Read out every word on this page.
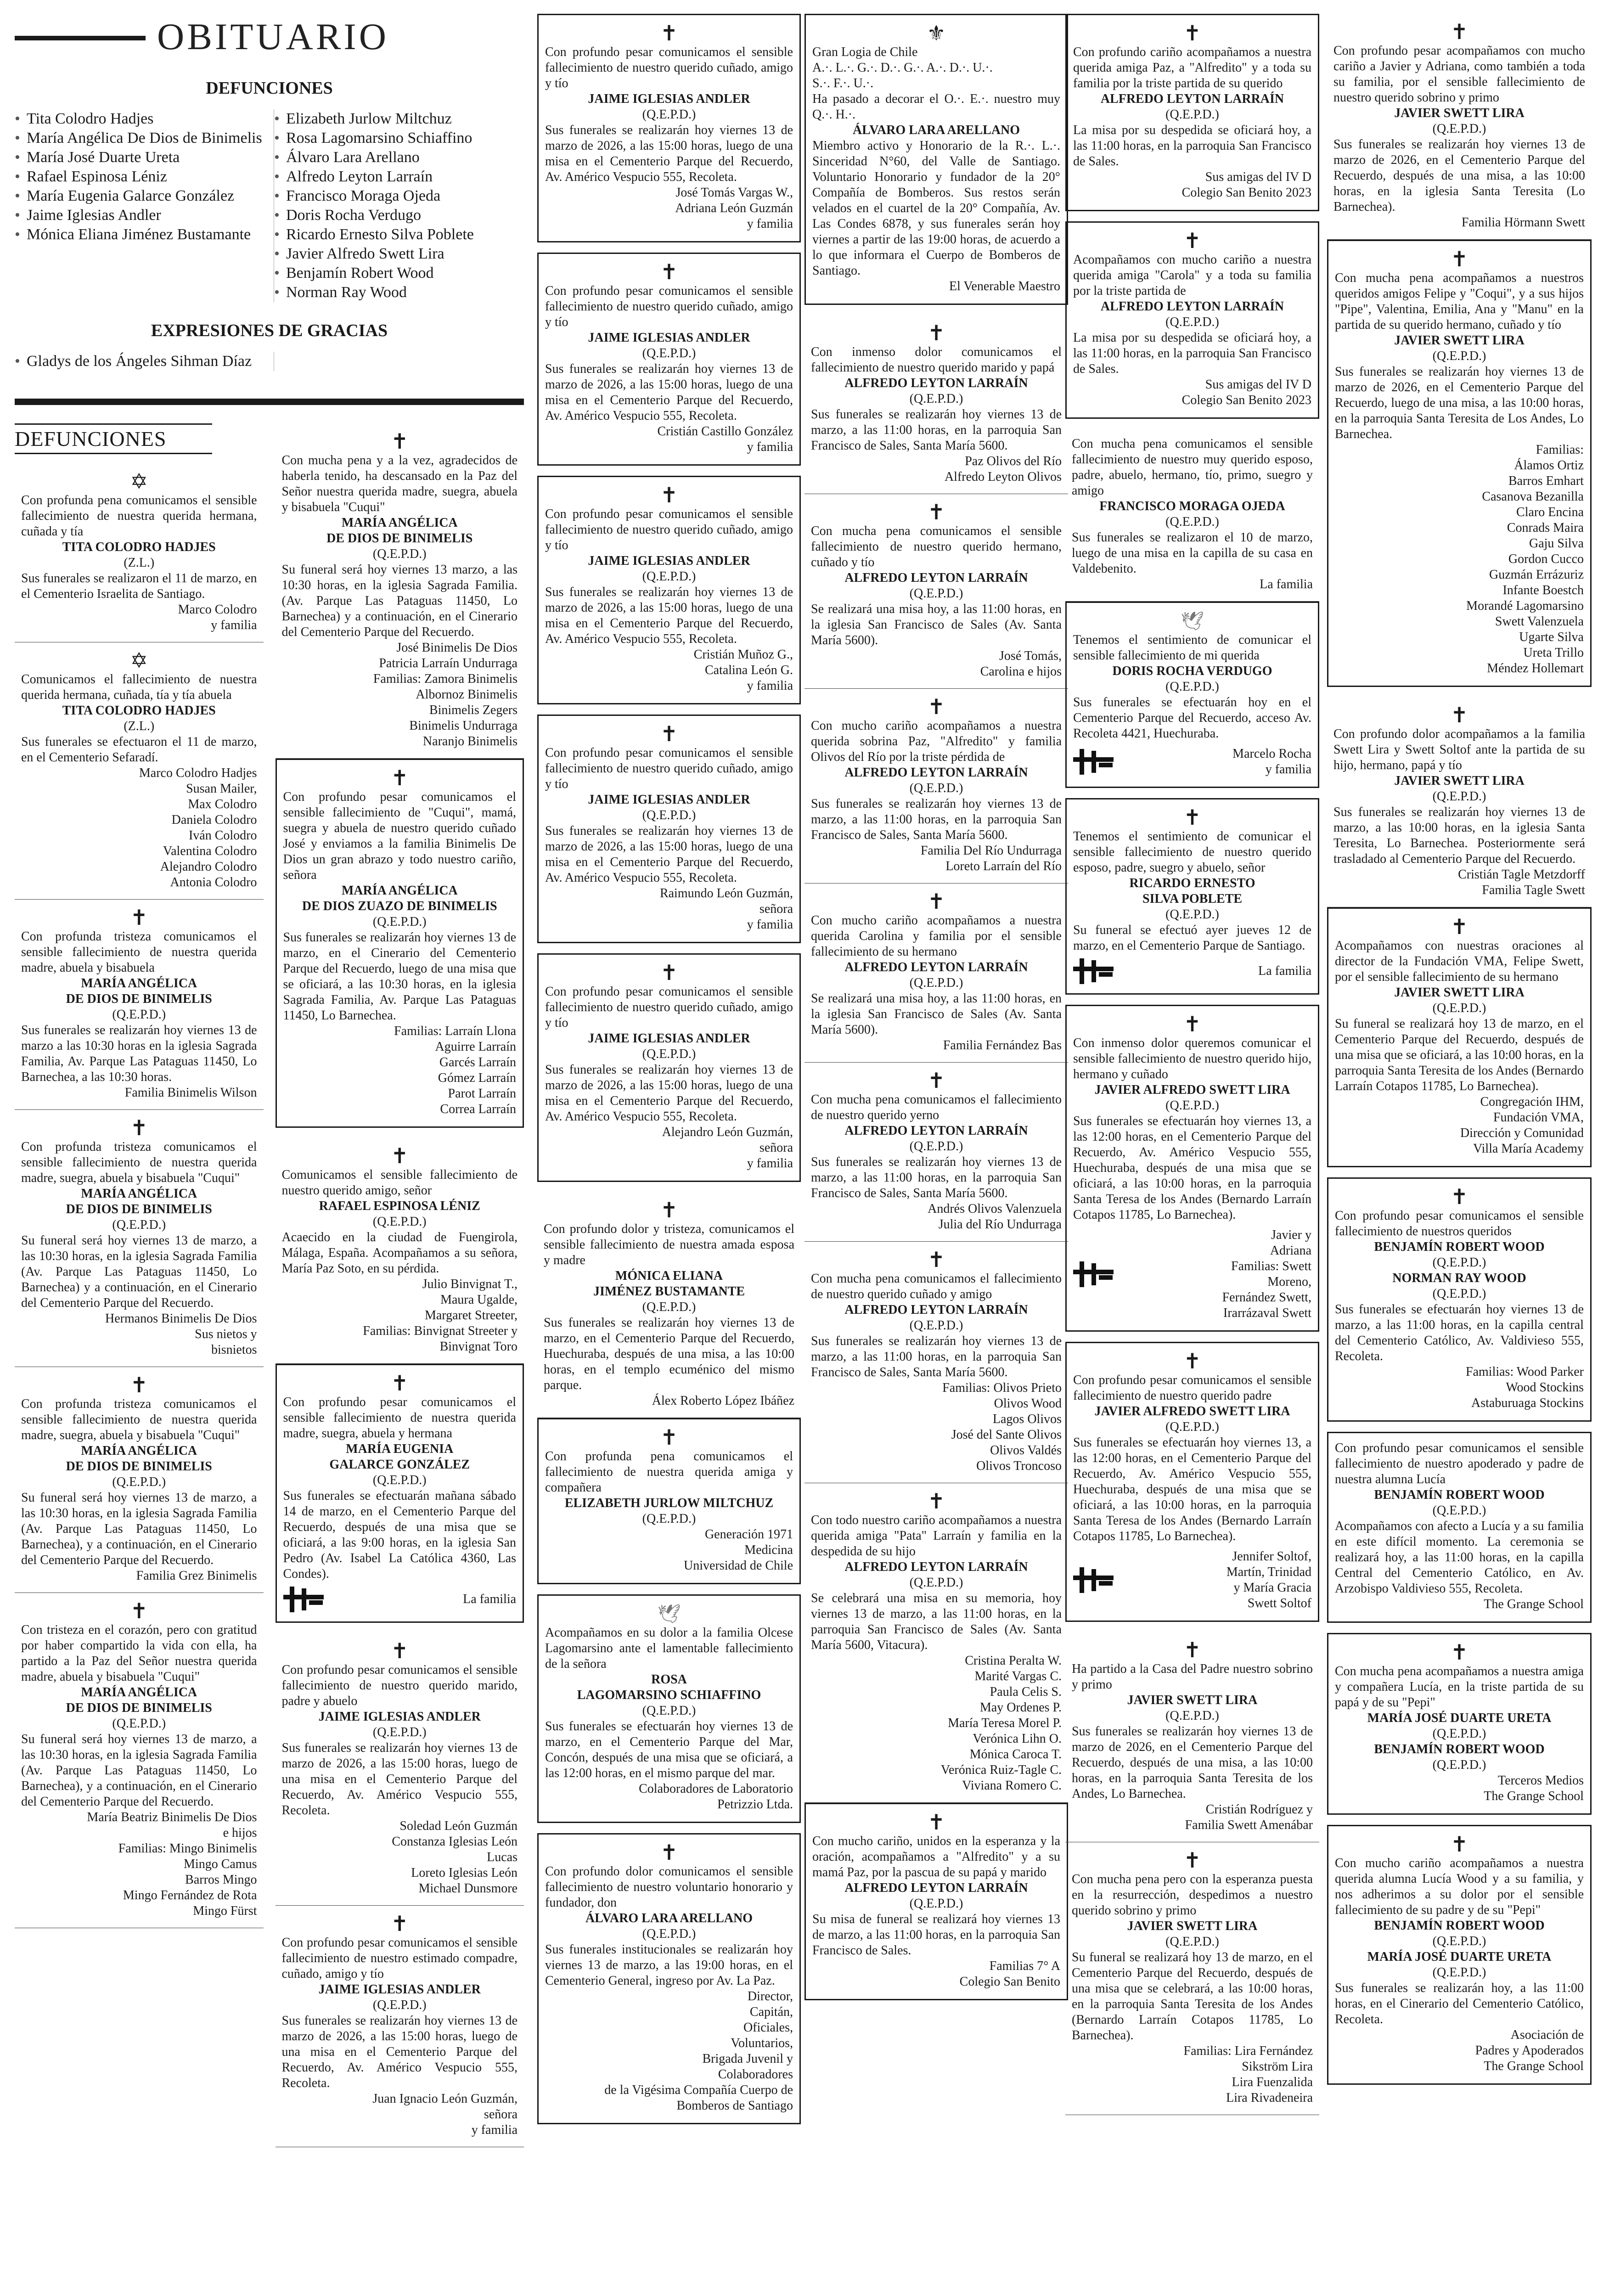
OBITUARIO
DEFUNCIONES
• Tita Colodro Hadjes
• María Angélica De Dios de Binimelis
• María José Duarte Ureta
• Rafael Espinosa Léniz
• María Eugenia Galarce González
• Jaime Iglesias Andler
• Mónica Eliana Jiménez Bustamante
• Elizabeth Jurlow Miltchuz
• Rosa Lagomarsino Schiaffino
• Álvaro Lara Arellano
• Alfredo Leyton Larraín
• Francisco Moraga Ojeda
• Doris Rocha Verdugo
• Ricardo Ernesto Silva Poblete
• Javier Alfredo Swett Lira
• Benjamín Robert Wood
• Norman Ray Wood
EXPRESIONES DE GRACIAS
• Gladys de los Ángeles Sihman Díaz
DEFUNCIONES
✡
Con profunda pena comunicamos el sensible fallecimiento de nuestra querida hermana, cuñada y tía
TITA COLODRO HADJES
(Z.L.)
Sus funerales se realizaron el 11 de marzo, en el Cementerio Israelita de Santiago.
Marco Colodro
y familia
✡
Comunicamos el fallecimiento de nuestra querida hermana, cuñada, tía y tía abuela
TITA COLODRO HADJES
(Z.L.)
Sus funerales se efectuaron el 11 de marzo, en el Cementerio Sefaradí.
Marco Colodro Hadjes
Susan Mailer,
Max Colodro
Daniela Colodro
Iván Colodro
Valentina Colodro
Alejandro Colodro
Antonia Colodro
✝
Con profunda tristeza comunicamos el sensible fallecimiento de nuestra querida madre, abuela y bisabuela
MARÍA ANGÉLICA
DE DIOS DE BINIMELIS
(Q.E.P.D.)
Sus funerales se realizarán hoy viernes 13 de marzo a las 10:30 horas en la iglesia Sagrada Familia, Av. Parque Las Pataguas 11450, Lo Barnechea, a las 10:30 horas.
Familia Binimelis Wilson
✝
Con profunda tristeza comunicamos el sensible fallecimiento de nuestra querida madre, suegra, abuela y bisabuela "Cuqui"
MARÍA ANGÉLICA
DE DIOS DE BINIMELIS
(Q.E.P.D.)
Su funeral será hoy viernes 13 de marzo, a las 10:30 horas, en la iglesia Sagrada Familia (Av. Parque Las Pataguas 11450, Lo Barnechea) y a continuación, en el Cinerario del Cementerio Parque del Recuerdo.
Hermanos Binimelis De Dios
Sus nietos y
bisnietos
✝
Con profunda tristeza comunicamos el sensible fallecimiento de nuestra querida madre, suegra, abuela y bisabuela "Cuqui"
MARÍA ANGÉLICA
DE DIOS DE BINIMELIS
(Q.E.P.D.)
Su funeral será hoy viernes 13 de marzo, a las 10:30 horas, en la iglesia Sagrada Familia (Av. Parque Las Pataguas 11450, Lo Barnechea), y a continuación, en el Cinerario del Cementerio Parque del Recuerdo.
Familia Grez Binimelis
✝
Con tristeza en el corazón, pero con gratitud por haber compartido la vida con ella, ha partido a la Paz del Señor nuestra querida madre, abuela y bisabuela "Cuqui"
MARÍA ANGÉLICA
DE DIOS DE BINIMELIS
(Q.E.P.D.)
Su funeral será hoy viernes 13 de marzo, a las 10:30 horas, en la iglesia Sagrada Familia (Av. Parque Las Pataguas 11450, Lo Barnechea), y a continuación, en el Cinerario del Cementerio Parque del Recuerdo.
María Beatriz Binimelis De Dios
e hijos
Familias: Mingo Binimelis
Mingo Camus
Barros Mingo
Mingo Fernández de Rota
Mingo Fürst
✝
Con mucha pena y a la vez, agradecidos de haberla tenido, ha descansado en la Paz del Señor nuestra querida madre, suegra, abuela y bisabuela "Cuqui"
MARÍA ANGÉLICA
DE DIOS DE BINIMELIS
(Q.E.P.D.)
Su funeral será hoy viernes 13 marzo, a las 10:30 horas, en la iglesia Sagrada Familia. (Av. Parque Las Pataguas 11450, Lo Barnechea) y a continuación, en el Cinerario del Cementerio Parque del Recuerdo.
José Binimelis De Dios
Patricia Larraín Undurraga
Familias: Zamora Binimelis
Albornoz Binimelis
Binimelis Zegers
Binimelis Undurraga
Naranjo Binimelis
✝
Con profundo pesar comunicamos el sensible fallecimiento de "Cuqui", mamá, suegra y abuela de nuestro querido cuñado José y enviamos a la familia Binimelis De Dios un gran abrazo y todo nuestro cariño, señora
MARÍA ANGÉLICA
DE DIOS ZUAZO DE BINIMELIS
(Q.E.P.D.)
Sus funerales se realizarán hoy viernes 13 de marzo, en el Cinerario del Cementerio Parque del Recuerdo, luego de una misa que se oficiará, a las 10:30 horas, en la iglesia Sagrada Familia, Av. Parque Las Pataguas 11450, Lo Barnechea.
Familias: Larraín Llona
Aguirre Larraín
Garcés Larraín
Gómez Larraín
Parot Larraín
Correa Larraín
✝
Comunicamos el sensible fallecimiento de nuestro querido amigo, señor
RAFAEL ESPINOSA LÉNIZ
(Q.E.P.D.)
Acaecido en la ciudad de Fuengirola, Málaga, España. Acompañamos a su señora, María Paz Soto, en su pérdida.
Julio Binvignat T.,
Maura Ugalde,
Margaret Streeter,
Familias: Binvignat Streeter y
Binvignat Toro
✝
Con profundo pesar comunicamos el sensible fallecimiento de nuestra querida madre, suegra, abuela y hermana
MARÍA EUGENIA
GALARCE GONZÁLEZ
(Q.E.P.D.)
Sus funerales se efectuarán mañana sábado 14 de marzo, en el Cementerio Parque del Recuerdo, después de una misa que se oficiará, a las 9:00 horas, en la iglesia San Pedro (Av. Isabel La Católica 4360, Las Condes).
La familia
✝
Con profundo pesar comunicamos el sensible fallecimiento de nuestro querido marido, padre y abuelo
JAIME IGLESIAS ANDLER
(Q.E.P.D.)
Sus funerales se realizarán hoy viernes 13 de marzo de 2026, a las 15:00 horas, luego de una misa en el Cementerio Parque del Recuerdo, Av. Américo Vespucio 555, Recoleta.
Soledad León Guzmán
Constanza Iglesias León
Lucas
Loreto Iglesias León
Michael Dunsmore
✝
Con profundo pesar comunicamos el sensible fallecimiento de nuestro estimado compadre, cuñado, amigo y tío
JAIME IGLESIAS ANDLER
(Q.E.P.D.)
Sus funerales se realizarán hoy viernes 13 de marzo de 2026, a las 15:00 horas, luego de una misa en el Cementerio Parque del Recuerdo, Av. Américo Vespucio 555, Recoleta.
Juan Ignacio León Guzmán,
señora
y familia
✝
Con profundo pesar comunicamos el sensible fallecimiento de nuestro querido cuñado, amigo y tío
JAIME IGLESIAS ANDLER
(Q.E.P.D.)
Sus funerales se realizarán hoy viernes 13 de marzo de 2026, a las 15:00 horas, luego de una misa en el Cementerio Parque del Recuerdo, Av. Américo Vespucio 555, Recoleta.
José Tomás Vargas W.,
Adriana León Guzmán
y familia
✝
Con profundo pesar comunicamos el sensible fallecimiento de nuestro querido cuñado, amigo y tío
JAIME IGLESIAS ANDLER
(Q.E.P.D.)
Sus funerales se realizarán hoy viernes 13 de marzo de 2026, a las 15:00 horas, luego de una misa en el Cementerio Parque del Recuerdo, Av. Américo Vespucio 555, Recoleta.
Cristián Castillo González
y familia
✝
Con profundo pesar comunicamos el sensible fallecimiento de nuestro querido cuñado, amigo y tío
JAIME IGLESIAS ANDLER
(Q.E.P.D.)
Sus funerales se realizarán hoy viernes 13 de marzo de 2026, a las 15:00 horas, luego de una misa en el Cementerio Parque del Recuerdo, Av. Américo Vespucio 555, Recoleta.
Cristián Muñoz G.,
Catalina León G.
y familia
✝
Con profundo pesar comunicamos el sensible fallecimiento de nuestro querido cuñado, amigo y tío
JAIME IGLESIAS ANDLER
(Q.E.P.D.)
Sus funerales se realizarán hoy viernes 13 de marzo de 2026, a las 15:00 horas, luego de una misa en el Cementerio Parque del Recuerdo, Av. Américo Vespucio 555, Recoleta.
Raimundo León Guzmán,
señora
y familia
✝
Con profundo pesar comunicamos el sensible fallecimiento de nuestro querido cuñado, amigo y tío
JAIME IGLESIAS ANDLER
(Q.E.P.D.)
Sus funerales se realizarán hoy viernes 13 de marzo de 2026, a las 15:00 horas, luego de una misa en el Cementerio Parque del Recuerdo, Av. Américo Vespucio 555, Recoleta.
Alejandro León Guzmán,
señora
y familia
✝
Con profundo dolor y tristeza, comunicamos el sensible fallecimiento de nuestra amada esposa y madre
MÓNICA ELIANA
JIMÉNEZ BUSTAMANTE
(Q.E.P.D.)
Sus funerales se realizarán hoy viernes 13 de marzo, en el Cementerio Parque del Recuerdo, Huechuraba, después de una misa, a las 10:00 horas, en el templo ecuménico del mismo parque.
Álex Roberto López Ibáñez
✝
Con profunda pena comunicamos el fallecimiento de nuestra querida amiga y compañera
ELIZABETH JURLOW MILTCHUZ
(Q.E.P.D.)
Generación 1971
Medicina
Universidad de Chile
🕊
Acompañamos en su dolor a la familia Olcese Lagomarsino ante el lamentable fallecimiento de la señora
ROSA
LAGOMARSINO SCHIAFFINO
(Q.E.P.D.)
Sus funerales se efectuarán hoy viernes 13 de marzo, en el Cementerio Parque del Mar, Concón, después de una misa que se oficiará, a las 12:00 horas, en el mismo parque del mar.
Colaboradores de Laboratorio
Petrizzio Ltda.
✝
Con profundo dolor comunicamos el sensible fallecimiento de nuestro voluntario honorario y fundador, don
ÁLVARO LARA ARELLANO
(Q.E.P.D.)
Sus funerales institucionales se realizarán hoy viernes 13 de marzo, a las 19:00 horas, en el Cementerio General, ingreso por Av. La Paz.
Director,
Capitán,
Oficiales,
Voluntarios,
Brigada Juvenil y
Colaboradores
de la Vigésima Compañía Cuerpo de
Bomberos de Santiago
⚜
Gran Logia de Chile
A.·. L.·. G.·. D.·. G.·. A.·. D.·. U.·.
S.·. F.·. U.·.
Ha pasado a decorar el O.·. E.·. nuestro muy Q.·. H.·.
ÁLVARO LARA ARELLANO
Miembro activo y Honorario de la R.·. L.·. Sinceridad N°60, del Valle de Santiago. Voluntario Honorario y fundador de la 20° Compañía de Bomberos. Sus restos serán velados en el cuartel de la 20° Compañía, Av. Las Condes 6878, y sus funerales serán hoy viernes a partir de las 19:00 horas, de acuerdo a lo que informara el Cuerpo de Bomberos de Santiago.
El Venerable Maestro
✝
Con inmenso dolor comunicamos el fallecimiento de nuestro querido marido y papá
ALFREDO LEYTON LARRAÍN
(Q.E.P.D.)
Sus funerales se realizarán hoy viernes 13 de marzo, a las 11:00 horas, en la parroquia San Francisco de Sales, Santa María 5600.
Paz Olivos del Río
Alfredo Leyton Olivos
✝
Con mucha pena comunicamos el sensible fallecimiento de nuestro querido hermano, cuñado y tío
ALFREDO LEYTON LARRAÍN
(Q.E.P.D.)
Se realizará una misa hoy, a las 11:00 horas, en la iglesia San Francisco de Sales (Av. Santa María 5600).
José Tomás,
Carolina e hijos
✝
Con mucho cariño acompañamos a nuestra querida sobrina Paz, "Alfredito" y familia Olivos del Río por la triste pérdida de
ALFREDO LEYTON LARRAÍN
(Q.E.P.D.)
Sus funerales se realizarán hoy viernes 13 de marzo, a las 11:00 horas, en la parroquia San Francisco de Sales, Santa María 5600.
Familia Del Río Undurraga
Loreto Larraín del Río
✝
Con mucho cariño acompañamos a nuestra querida Carolina y familia por el sensible fallecimiento de su hermano
ALFREDO LEYTON LARRAÍN
(Q.E.P.D.)
Se realizará una misa hoy, a las 11:00 horas, en la iglesia San Francisco de Sales (Av. Santa María 5600).
Familia Fernández Bas
✝
Con mucha pena comunicamos el fallecimiento de nuestro querido yerno
ALFREDO LEYTON LARRAÍN
(Q.E.P.D.)
Sus funerales se realizarán hoy viernes 13 de marzo, a las 11:00 horas, en la parroquia San Francisco de Sales, Santa María 5600.
Andrés Olivos Valenzuela
Julia del Río Undurraga
✝
Con mucha pena comunicamos el fallecimiento de nuestro querido cuñado y amigo
ALFREDO LEYTON LARRAÍN
(Q.E.P.D.)
Sus funerales se realizarán hoy viernes 13 de marzo, a las 11:00 horas, en la parroquia San Francisco de Sales, Santa María 5600.
Familias: Olivos Prieto
Olivos Wood
Lagos Olivos
José del Sante Olivos
Olivos Valdés
Olivos Troncoso
✝
Con todo nuestro cariño acompañamos a nuestra querida amiga "Pata" Larraín y familia en la despedida de su hijo
ALFREDO LEYTON LARRAÍN
(Q.E.P.D.)
Se celebrará una misa en su memoria, hoy viernes 13 de marzo, a las 11:00 horas, en la parroquia San Francisco de Sales (Av. Santa María 5600, Vitacura).
Cristina Peralta W.
Marité Vargas C.
Paula Celis S.
May Ordenes P.
María Teresa Morel P.
Verónica Lihn O.
Mónica Caroca T.
Verónica Ruiz-Tagle C.
Viviana Romero C.
✝
Con mucho cariño, unidos en la esperanza y la oración, acompañamos a "Alfredito" y a su mamá Paz, por la pascua de su papá y marido
ALFREDO LEYTON LARRAÍN
(Q.E.P.D.)
Su misa de funeral se realizará hoy viernes 13 de marzo, a las 11:00 horas, en la parroquia San Francisco de Sales.
Familias 7° A
Colegio San Benito
✝
Con profundo cariño acompañamos a nuestra querida amiga Paz, a "Alfredito" y a toda su familia por la triste partida de su querido
ALFREDO LEYTON LARRAÍN
(Q.E.P.D.)
La misa por su despedida se oficiará hoy, a las 11:00 horas, en la parroquia San Francisco de Sales.
Sus amigas del IV D
Colegio San Benito 2023
✝
Acompañamos con mucho cariño a nuestra querida amiga "Carola" y a toda su familia por la triste partida de
ALFREDO LEYTON LARRAÍN
(Q.E.P.D.)
La misa por su despedida se oficiará hoy, a las 11:00 horas, en la parroquia San Francisco de Sales.
Sus amigas del IV D
Colegio San Benito 2023
Con mucha pena comunicamos el sensible fallecimiento de nuestro muy querido esposo, padre, abuelo, hermano, tío, primo, suegro y amigo
FRANCISCO MORAGA OJEDA
(Q.E.P.D.)
Sus funerales se realizaron el 10 de marzo, luego de una misa en la capilla de su casa en Valdebenito.
La familia
🕊
Tenemos el sentimiento de comunicar el sensible fallecimiento de mi querida
DORIS ROCHA VERDUGO
(Q.E.P.D.)
Sus funerales se efectuarán hoy en el Cementerio Parque del Recuerdo, acceso Av. Recoleta 4421, Huechuraba.
Marcelo Rocha
y familia
✝
Tenemos el sentimiento de comunicar el sensible fallecimiento de nuestro querido esposo, padre, suegro y abuelo, señor
RICARDO ERNESTO
SILVA POBLETE
(Q.E.P.D.)
Su funeral se efectuó ayer jueves 12 de marzo, en el Cementerio Parque de Santiago.
La familia
✝
Con inmenso dolor queremos comunicar el sensible fallecimiento de nuestro querido hijo, hermano y cuñado
JAVIER ALFREDO SWETT LIRA
(Q.E.P.D.)
Sus funerales se efectuarán hoy viernes 13, a las 12:00 horas, en el Cementerio Parque del Recuerdo, Av. Américo Vespucio 555, Huechuraba, después de una misa que se oficiará, a las 10:00 horas, en la parroquia Santa Teresa de los Andes (Bernardo Larraín Cotapos 11785, Lo Barnechea).
Javier y
Adriana
Familias: Swett
Moreno,
Fernández Swett,
Irarrázaval Swett
✝
Con profundo pesar comunicamos el sensible fallecimiento de nuestro querido padre
JAVIER ALFREDO SWETT LIRA
(Q.E.P.D.)
Sus funerales se efectuarán hoy viernes 13, a las 12:00 horas, en el Cementerio Parque del Recuerdo, Av. Américo Vespucio 555, Huechuraba, después de una misa que se oficiará, a las 10:00 horas, en la parroquia Santa Teresa de los Andes (Bernardo Larraín Cotapos 11785, Lo Barnechea).
Jennifer Soltof,
Martín, Trinidad
y María Gracia
Swett Soltof
✝
Ha partido a la Casa del Padre nuestro sobrino y primo
JAVIER SWETT LIRA
(Q.E.P.D.)
Sus funerales se realizarán hoy viernes 13 de marzo de 2026, en el Cementerio Parque del Recuerdo, después de una misa, a las 10:00 horas, en la parroquia Santa Teresita de los Andes, Lo Barnechea.
Cristián Rodríguez y
Familia Swett Amenábar
✝
Con mucha pena pero con la esperanza puesta en la resurrección, despedimos a nuestro querido sobrino y primo
JAVIER SWETT LIRA
(Q.E.P.D.)
Su funeral se realizará hoy 13 de marzo, en el Cementerio Parque del Recuerdo, después de una misa que se celebrará, a las 10:00 horas, en la parroquia Santa Teresita de los Andes (Bernardo Larraín Cotapos 11785, Lo Barnechea).
Familias: Lira Fernández
Sikström Lira
Lira Fuenzalida
Lira Rivadeneira
✝
Con profundo pesar acompañamos con mucho cariño a Javier y Adriana, como también a toda su familia, por el sensible fallecimiento de nuestro querido sobrino y primo
JAVIER SWETT LIRA
(Q.E.P.D.)
Sus funerales se realizarán hoy viernes 13 de marzo de 2026, en el Cementerio Parque del Recuerdo, después de una misa, a las 10:00 horas, en la iglesia Santa Teresita (Lo Barnechea).
Familia Hörmann Swett
✝
Con mucha pena acompañamos a nuestros queridos amigos Felipe y "Coqui", y a sus hijos "Pipe", Valentina, Emilia, Ana y "Manu" en la partida de su querido hermano, cuñado y tío
JAVIER SWETT LIRA
(Q.E.P.D.)
Sus funerales se realizarán hoy viernes 13 de marzo de 2026, en el Cementerio Parque del Recuerdo, luego de una misa, a las 10:00 horas, en la parroquia Santa Teresita de Los Andes, Lo Barnechea.
Familias:
Álamos Ortiz
Barros Emhart
Casanova Bezanilla
Claro Encina
Conrads Maira
Gaju Silva
Gordon Cucco
Guzmán Errázuriz
Infante Boestch
Morandé Lagomarsino
Swett Valenzuela
Ugarte Silva
Ureta Trillo
Méndez Hollemart
✝
Con profundo dolor acompañamos a la familia Swett Lira y Swett Soltof ante la partida de su hijo, hermano, papá y tío
JAVIER SWETT LIRA
(Q.E.P.D.)
Sus funerales se realizarán hoy viernes 13 de marzo, a las 10:00 horas, en la iglesia Santa Teresita, Lo Barnechea. Posteriormente será trasladado al Cementerio Parque del Recuerdo.
Cristián Tagle Metzdorff
Familia Tagle Swett
✝
Acompañamos con nuestras oraciones al director de la Fundación VMA, Felipe Swett, por el sensible fallecimiento de su hermano
JAVIER SWETT LIRA
(Q.E.P.D.)
Su funeral se realizará hoy 13 de marzo, en el Cementerio Parque del Recuerdo, después de una misa que se oficiará, a las 10:00 horas, en la parroquia Santa Teresita de los Andes (Bernardo Larraín Cotapos 11785, Lo Barnechea).
Congregación IHM,
Fundación VMA,
Dirección y Comunidad
Villa María Academy
✝
Con profundo pesar comunicamos el sensible fallecimiento de nuestros queridos
BENJAMÍN ROBERT WOOD
(Q.E.P.D.)
NORMAN RAY WOOD
(Q.E.P.D.)
Sus funerales se efectuarán hoy viernes 13 de marzo, a las 11:00 horas, en la capilla central del Cementerio Católico, Av. Valdivieso 555, Recoleta.
Familias: Wood Parker
Wood Stockins
Astaburuaga Stockins
Con profundo pesar comunicamos el sensible fallecimiento de nuestro apoderado y padre de nuestra alumna Lucía
BENJAMÍN ROBERT WOOD
(Q.E.P.D.)
Acompañamos con afecto a Lucía y a su familia en este difícil momento. La ceremonia se realizará hoy, a las 11:00 horas, en la capilla Central del Cementerio Católico, en Av. Arzobispo Valdivieso 555, Recoleta.
The Grange School
✝
Con mucha pena acompañamos a nuestra amiga y compañera Lucía, en la triste partida de su papá y de su "Pepi"
MARÍA JOSÉ DUARTE URETA
(Q.E.P.D.)
BENJAMÍN ROBERT WOOD
(Q.E.P.D.)
Terceros Medios
The Grange School
✝
Con mucho cariño acompañamos a nuestra querida alumna Lucía Wood y a su familia, y nos adherimos a su dolor por el sensible fallecimiento de su padre y de su "Pepi"
BENJAMÍN ROBERT WOOD
(Q.E.P.D.)
MARÍA JOSÉ DUARTE URETA
(Q.E.P.D.)
Sus funerales se realizarán hoy, a las 11:00 horas, en el Cinerario del Cementerio Católico, Recoleta.
Asociación de
Padres y Apoderados
The Grange School
